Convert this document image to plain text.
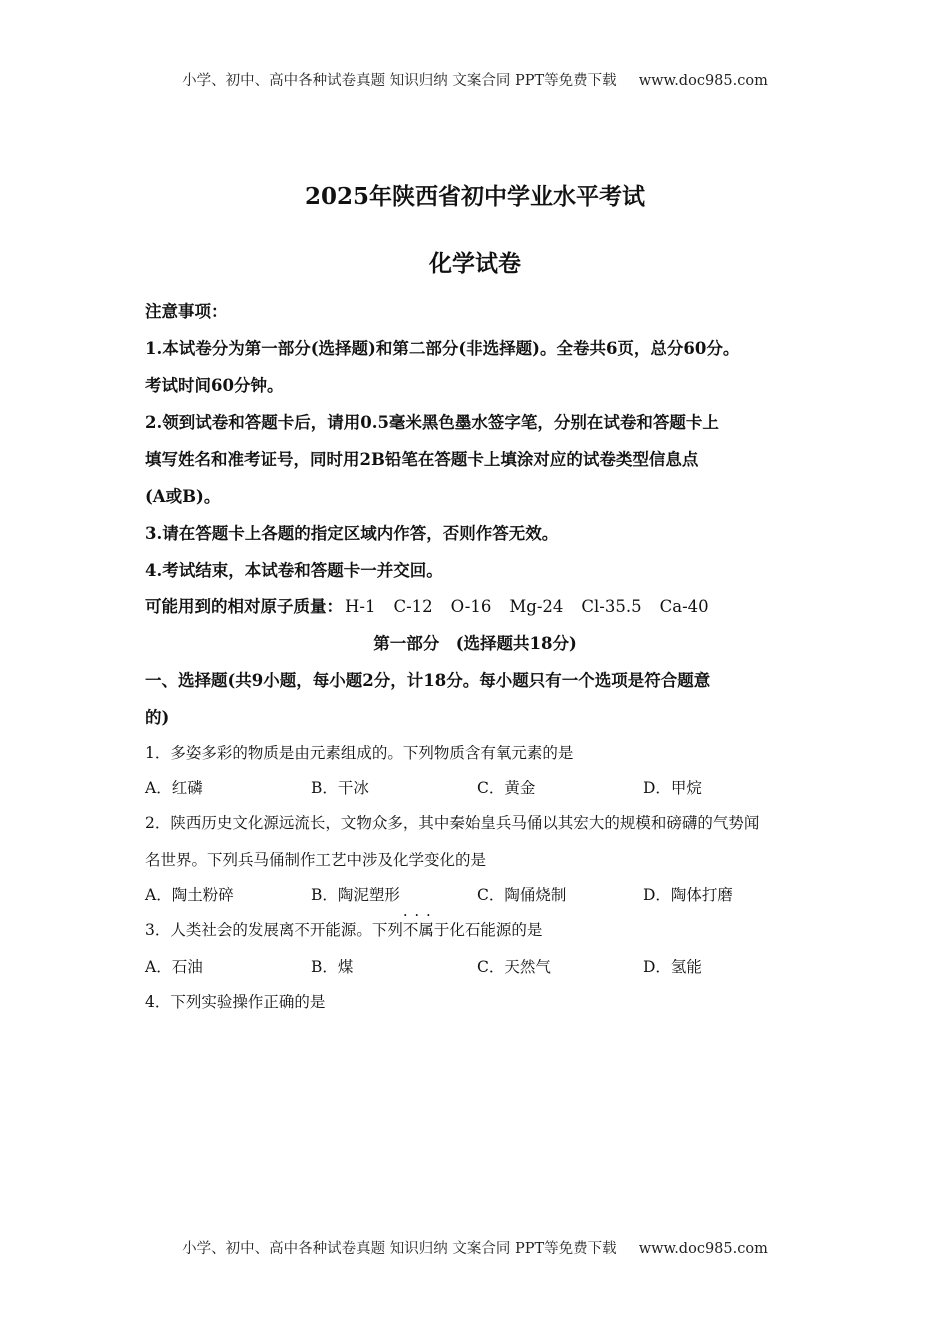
小学、初中、高中各种试卷真题 知识归纳 文案合同 PPT等免费下载 www.doc985.com
2025年陕西省初中学业水平考试
化学试卷
注意事项：
1.本试卷分为第一部分(选择题)和第二部分(非选择题)。全卷共6页，总分60分。
考试时间60分钟。
2.领到试卷和答题卡后，请用0.5毫米黑色墨水签字笔，分别在试卷和答题卡上
填写姓名和准考证号，同时用2B铅笔在答题卡上填涂对应的试卷类型信息点
(A或B)。
3.请在答题卡上各题的指定区域内作答，否则作答无效。
4.考试结束，本试卷和答题卡一并交回。
可能用到的相对原子质量： H-1 C-12 O-16 Mg-24 Cl-35.5 Ca-40
第一部分　(选择题共18分)
一、选择题(共9小题，每小题2分，计18分。每小题只有一个选项是符合题意
的)
1．多姿多彩的物质是由元素组成的。下列物质含有氧元素的是
A．红磷	B．干冰	C．黄金	D．甲烷
2．陕西历史文化源远流长，文物众多，其中秦始皇兵马俑以其宏大的规模和磅礴的气势闻
名世界。下列兵马俑制作工艺中涉及化学变化的是
A．陶土粉碎	B．陶泥塑形	C．陶俑烧制	D．陶体打磨
3．人类社会的发展离不开能源。下列不属于 · · ·化石能源的是
A．石油	B．煤	C．天然气	D．氢能
4．下列实验操作正确的是
小学、初中、高中各种试卷真题 知识归纳 文案合同 PPT等免费下载 www.doc985.com
